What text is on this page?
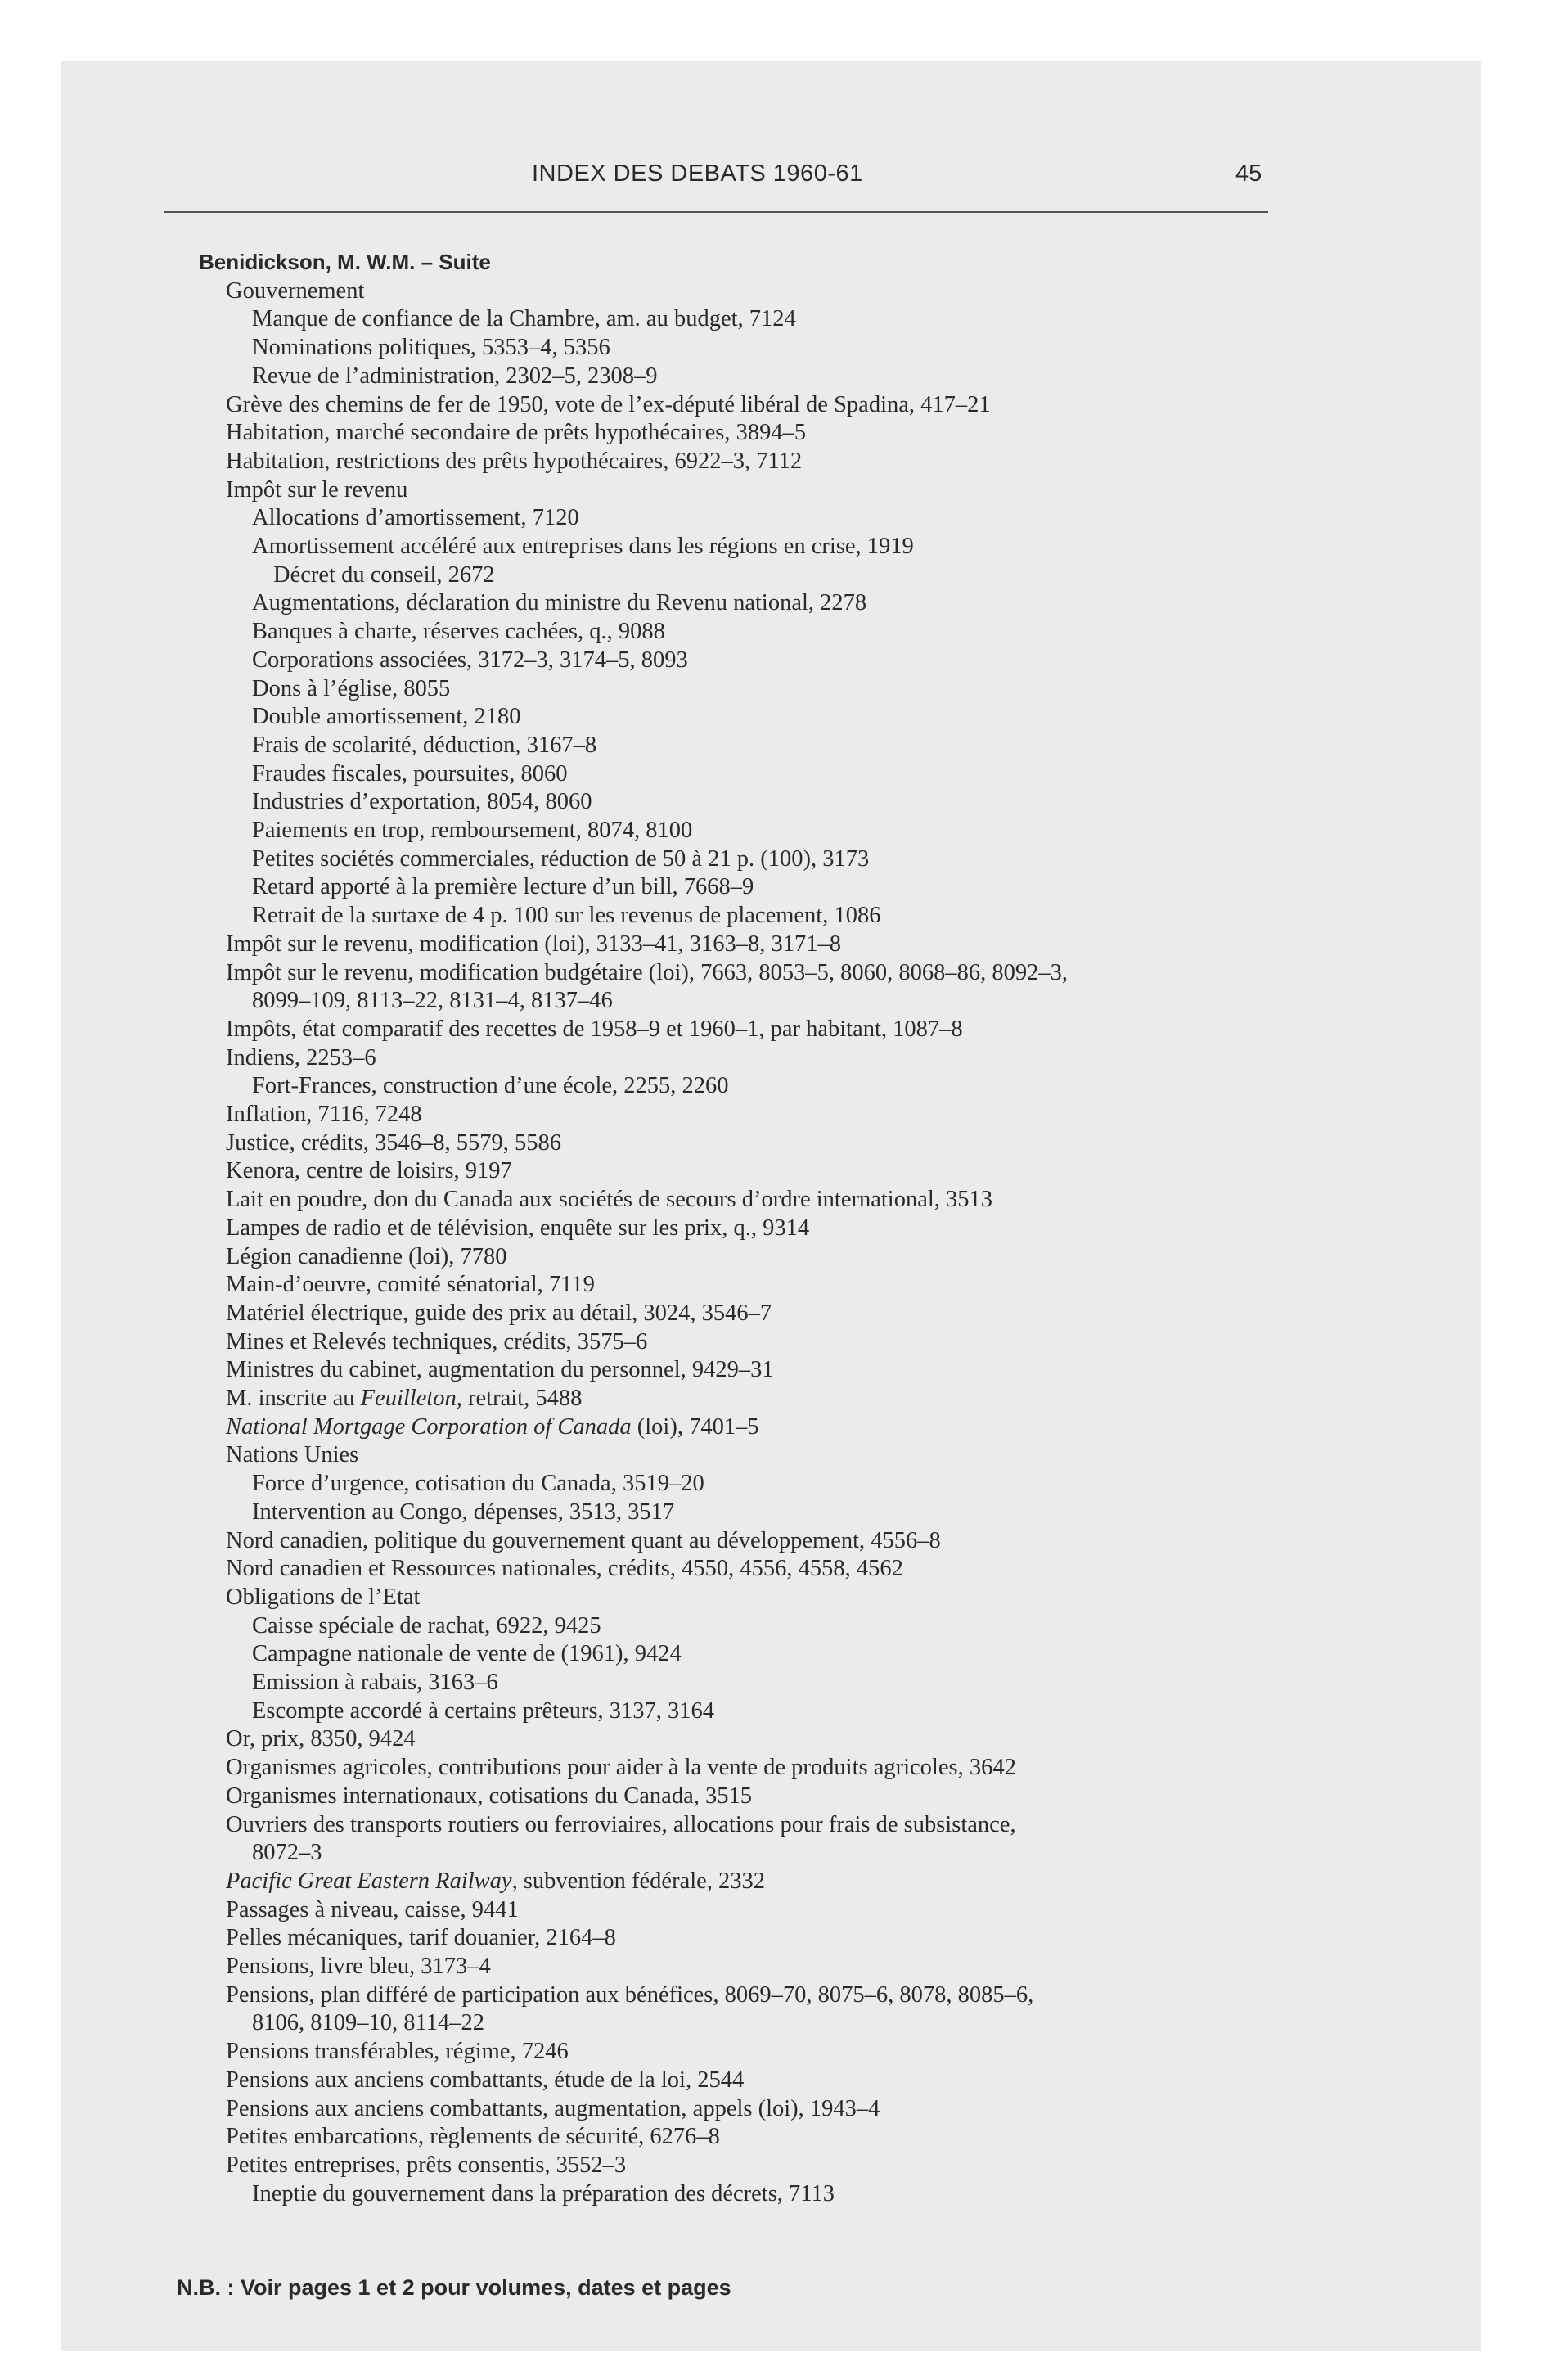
INDEX DES DEBATS 1960-61	45
Benidickson, M. W.M. – Suite
Gouvernement
Manque de confiance de la Chambre, am. au budget, 7124
Nominations politiques, 5353–4, 5356
Revue de l’administration, 2302–5, 2308–9
Grève des chemins de fer de 1950, vote de l’ex-député libéral de Spadina, 417–21
Habitation, marché secondaire de prêts hypothécaires, 3894–5
Habitation, restrictions des prêts hypothécaires, 6922–3, 7112
Impôt sur le revenu
Allocations d’amortissement, 7120
Amortissement accéléré aux entreprises dans les régions en crise, 1919
Décret du conseil, 2672
Augmentations, déclaration du ministre du Revenu national, 2278
Banques à charte, réserves cachées, q., 9088
Corporations associées, 3172–3, 3174–5, 8093
Dons à l’église, 8055
Double amortissement, 2180
Frais de scolarité, déduction, 3167–8
Fraudes fiscales, poursuites, 8060
Industries d’exportation, 8054, 8060
Paiements en trop, remboursement, 8074, 8100
Petites sociétés commerciales, réduction de 50 à 21 p. (100), 3173
Retard apporté à la première lecture d’un bill, 7668–9
Retrait de la surtaxe de 4 p. 100 sur les revenus de placement, 1086
Impôt sur le revenu, modification (loi), 3133–41, 3163–8, 3171–8
Impôt sur le revenu, modification budgétaire (loi), 7663, 8053–5, 8060, 8068–86, 8092–3,
8099–109, 8113–22, 8131–4, 8137–46
Impôts, état comparatif des recettes de 1958–9 et 1960–1, par habitant, 1087–8
Indiens, 2253–6
Fort-Frances, construction d’une école, 2255, 2260
Inflation, 7116, 7248
Justice, crédits, 3546–8, 5579, 5586
Kenora, centre de loisirs, 9197
Lait en poudre, don du Canada aux sociétés de secours d’ordre international, 3513
Lampes de radio et de télévision, enquête sur les prix, q., 9314
Légion canadienne (loi), 7780
Main-d’oeuvre, comité sénatorial, 7119
Matériel électrique, guide des prix au détail, 3024, 3546–7
Mines et Relevés techniques, crédits, 3575–6
Ministres du cabinet, augmentation du personnel, 9429–31
M. inscrite au Feuilleton, retrait, 5488
National Mortgage Corporation of Canada (loi), 7401–5
Nations Unies
Force d’urgence, cotisation du Canada, 3519–20
Intervention au Congo, dépenses, 3513, 3517
Nord canadien, politique du gouvernement quant au développement, 4556–8
Nord canadien et Ressources nationales, crédits, 4550, 4556, 4558, 4562
Obligations de l’Etat
Caisse spéciale de rachat, 6922, 9425
Campagne nationale de vente de (1961), 9424
Emission à rabais, 3163–6
Escompte accordé à certains prêteurs, 3137, 3164
Or, prix, 8350, 9424
Organismes agricoles, contributions pour aider à la vente de produits agricoles, 3642
Organismes internationaux, cotisations du Canada, 3515
Ouvriers des transports routiers ou ferroviaires, allocations pour frais de subsistance,
8072–3
Pacific Great Eastern Railway, subvention fédérale, 2332
Passages à niveau, caisse, 9441
Pelles mécaniques, tarif douanier, 2164–8
Pensions, livre bleu, 3173–4
Pensions, plan différé de participation aux bénéfices, 8069–70, 8075–6, 8078, 8085–6,
8106, 8109–10, 8114–22
Pensions transférables, régime, 7246
Pensions aux anciens combattants, étude de la loi, 2544
Pensions aux anciens combattants, augmentation, appels (loi), 1943–4
Petites embarcations, règlements de sécurité, 6276–8
Petites entreprises, prêts consentis, 3552–3
Ineptie du gouvernement dans la préparation des décrets, 7113
N.B. : Voir pages 1 et 2 pour volumes, dates et pages
